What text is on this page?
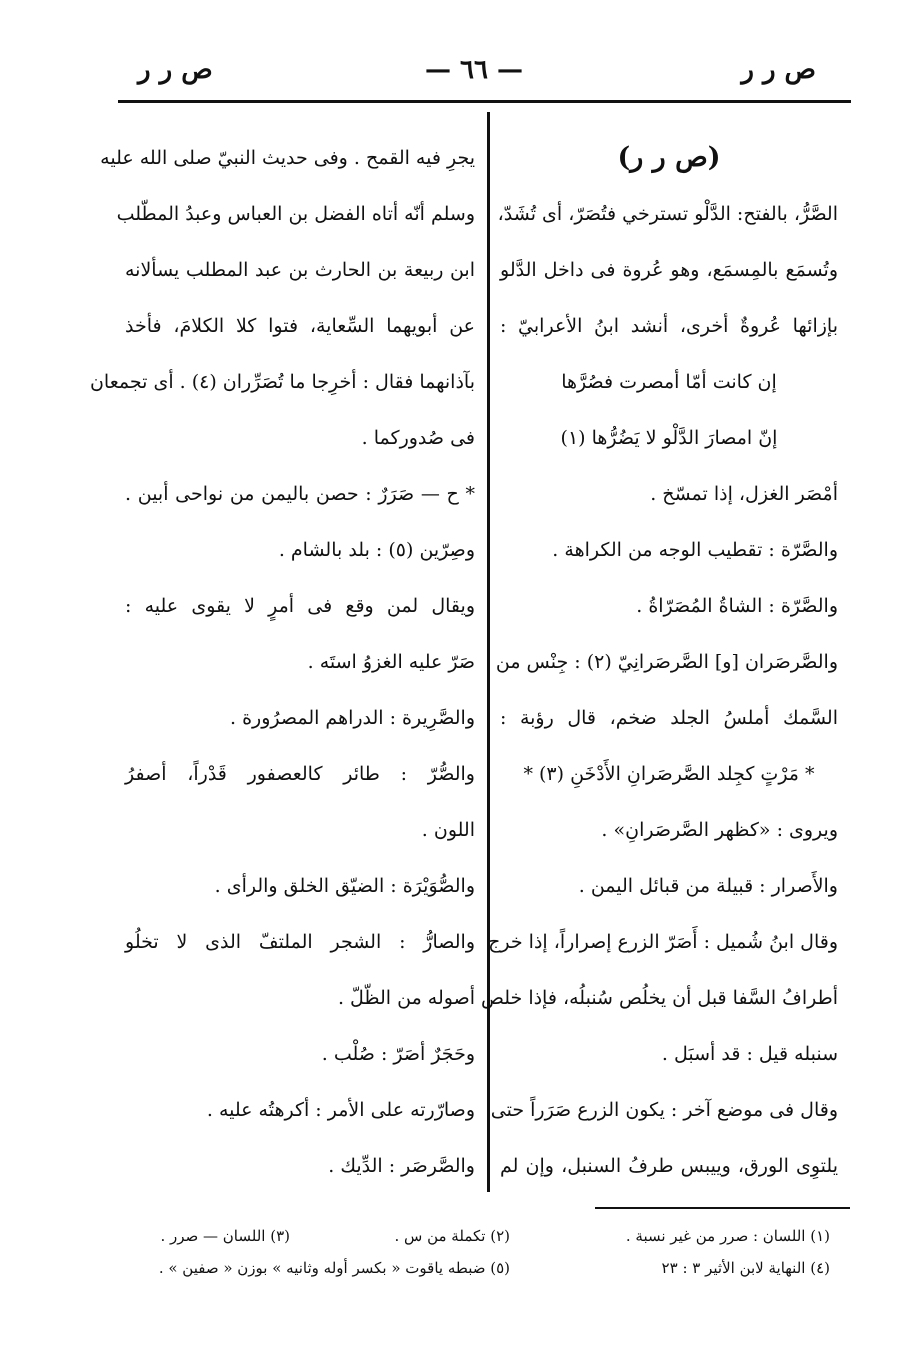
ص ر ر
— ٦٦ —
ص ر ر
(ص ر ر)
الصَّرُّ، بالفتح: الدَّلْو تسترخي فتُصَرّ، أى تُشَدّ،
وتُسمَع بالمِسمَع، وهو عُروة فى داخل الدَّلو
بإزائها عُروةٌ أخرى، أنشد ابنُ الأعرابيّ :
إن كانت أمّا أمصرت فصُرَّها
إنّ امصارَ الدَّلْو لا يَضُرُّها (١)
أمْصَر الغزل، إذا تمسّخ .
والصَّرّة : تقطيب الوجه من الكراهة .
والصَّرّة : الشاةُ المُصَرّاةُ .
والصَّرصَران [و] الصَّرصَرانِيّ (٢) : جِنْس من
السَّمك أملسُ الجلد ضخم، قال رؤبة :
* مَرْتٍ كجِلد الصَّرصَرانِ الأَدْخَنِ (٣) *
ويروى : «كظهر الصَّرصَرانِ» .
والأَصرار : قبيلة من قبائل اليمن .
وقال ابنُ شُميل : أَصَرّ الزرع إصراراً، إذا خرج
أطرافُ السَّفا قبل أن يخلُص سُنبلُه، فإذا خلص
سنبله قيل : قد أسبَل .
وقال فى موضع آخر : يكون الزرع صَرَراً حتى
يلتوِى الورق، وييبس طرفُ السنبل، وإن لم
يجرِ فيه القمح . وفى حديث النبيّ صلى الله عليه
وسلم أنّه أتاه الفضل بن العباس وعبدُ المطّلب
ابن ربيعة بن الحارث بن عبد المطلب يسألانه
عن أبويهما السِّعاية، فتوا كلا الكلامَ، فأخذ
بآذانهما فقال : أخرِجا ما تُصَرِّران (٤) . أى تجمعان
فى صُدوركما .
* ح — صَرَرٌ : حصن باليمن من نواحى أبين .
وصِرّين (٥) : بلد بالشام .
ويقال لمن وقع فى أمرٍ لا يقوى عليه :
صَرّ عليه الغزوُ استَه .
والصَّرِيرة : الدراهم المصرُورة .
والصُّرّ : طائر كالعصفور قَدْراً، أصفرُ
اللون .
والصُّوَيْرَة : الضيّق الخلق والرأى .
والصارُّ : الشجر الملتفّ الذى لا تخلُو
أصوله من الظّلّ .
وحَجَرٌ أصَرّ : صُلْب .
وصارّرته على الأمر : أكرهتُه عليه .
والصَّرصَر : الدِّيك .
(١) اللسان : صرر من غير نسبة .
(٢) تكملة من س .
(٣) اللسان — صرر .
(٤) النهاية لابن الأثير ٣ : ٢٣
(٥) ضبطه ياقوت « بكسر أوله وثانيه » بوزن « صفين » .
